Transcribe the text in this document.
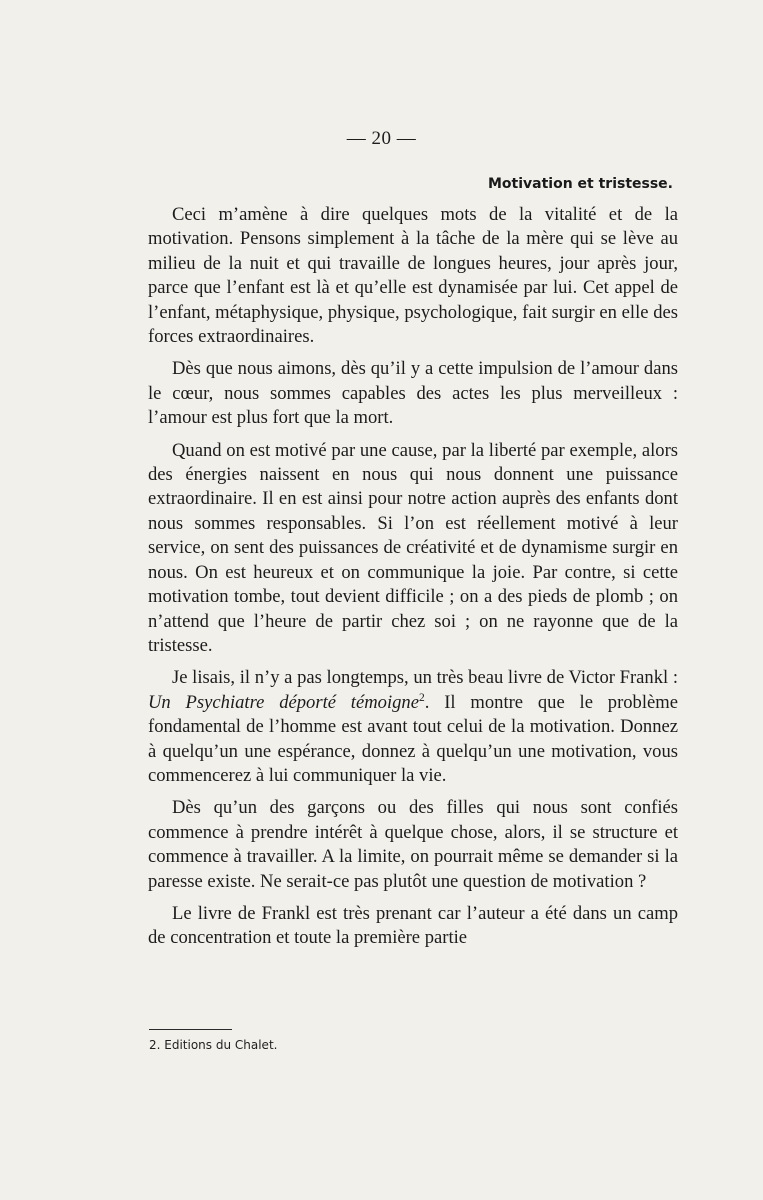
— 20 —
Motivation et tristesse.

Ceci m’amène à dire quelques mots de la vitalité et de la motivation. Pensons simplement à la tâche de la mère qui se lève au milieu de la nuit et qui travaille de longues heures, jour après jour, parce que l’enfant est là et qu’elle est dynamisée par lui. Cet appel de l’enfant, métaphysique, physique, psychologique, fait surgir en elle des forces extraordinaires.

Dès que nous aimons, dès qu’il y a cette impulsion de l’amour dans le cœur, nous sommes capables des actes les plus merveilleux : l’amour est plus fort que la mort.

Quand on est motivé par une cause, par la liberté par exemple, alors des énergies naissent en nous qui nous donnent une puissance extraordinaire. Il en est ainsi pour notre action auprès des enfants dont nous sommes responsables. Si l’on est réellement motivé à leur service, on sent des puissances de créativité et de dynamisme surgir en nous. On est heureux et on communique la joie. Par contre, si cette motivation tombe, tout devient difficile ; on a des pieds de plomb ; on n’attend que l’heure de partir chez soi ; on ne rayonne que de la tristesse.

Je lisais, il n’y a pas longtemps, un très beau livre de Victor Frankl : Un Psychiatre déporté témoigne$^2$. Il montre que le problème fondamental de l’homme est avant tout celui de la motivation. Donnez à quelqu’un une espérance, donnez à quelqu’un une motivation, vous commencerez à lui communiquer la vie.

Dès qu’un des garçons ou des filles qui nous sont confiés commence à prendre intérêt à quelque chose, alors, il se structure et commence à travailler. A la limite, on pourrait même se demander si la paresse existe. Ne serait-ce pas plutôt une question de motivation ?

Le livre de Frankl est très prenant car l’auteur a été dans un camp de concentration et toute la première partie

2. Editions du Chalet.
